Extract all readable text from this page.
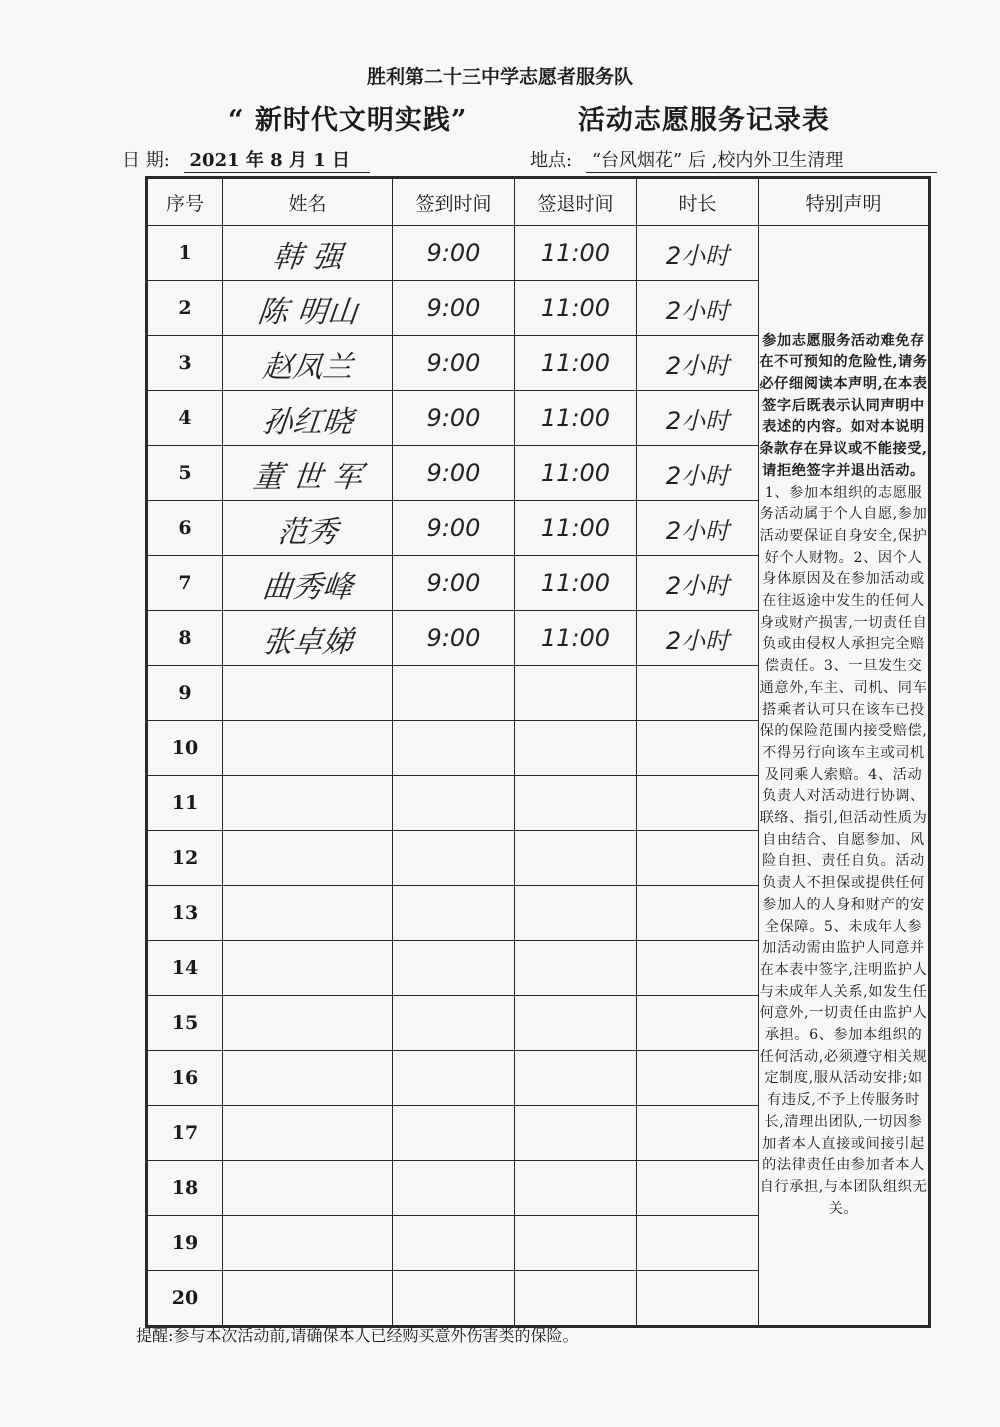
胜利第二十三中学志愿者服务队
“ 新时代文明实践”	活动志愿服务记录表
日 期: 2021 年 8 月 1 日	地点: “台风烟花” 后 ,校内外卫生清理
序号	姓名	签到时间	签退时间	时长	特别声明
1	韩 强	9:00	11:00	2小时	参加志愿服务活动难免存在不可预知的危险性,请务必仔细阅读本声明,在本表签字后既表示认同声明中表述的内容。如对本说明条款存在异议或不能接受,请拒绝签字并退出活动。1、参加本组织的志愿服务活动属于个人自愿,参加活动要保证自身安全,保护好个人财物。2、因个人身体原因及在参加活动或在往返途中发生的任何人身或财产损害,一切责任自负或由侵权人承担完全赔偿责任。3、一旦发生交通意外,车主、司机、同车搭乘者认可只在该车已投保的保险范围内接受赔偿,不得另行向该车主或司机及同乘人索赔。4、活动负责人对活动进行协调、联络、指引,但活动性质为自由结合、自愿参加、风险自担、责任自负。活动负责人不担保或提供任何参加人的人身和财产的安全保障。5、未成年人参加活动需由监护人同意并在本表中签字,注明监护人与未成年人关系,如发生任何意外,一切责任由监护人承担。6、参加本组织的任何活动,必须遵守相关规定制度,服从活动安排;如有违反,不予上传服务时长,清理出团队,一切因参加者本人直接或间接引起的法律责任由参加者本人自行承担,与本团队组织无关。
2	陈 明山	9:00	11:00	2小时	
3	赵凤兰	9:00	11:00	2小时	
4	孙红晓	9:00	11:00	2小时	
5	董 世 军	9:00	11:00	2小时	
6	范秀	9:00	11:00	2小时	
7	曲秀峰	9:00	11:00	2小时	
8	张卓娣	9:00	11:00	2小时	
9					
10					
11					
12					
13					
14					
15					
16					
17					
18					
19					
20					
提醒:参与本次活动前,请确保本人已经购买意外伤害类的保险。
